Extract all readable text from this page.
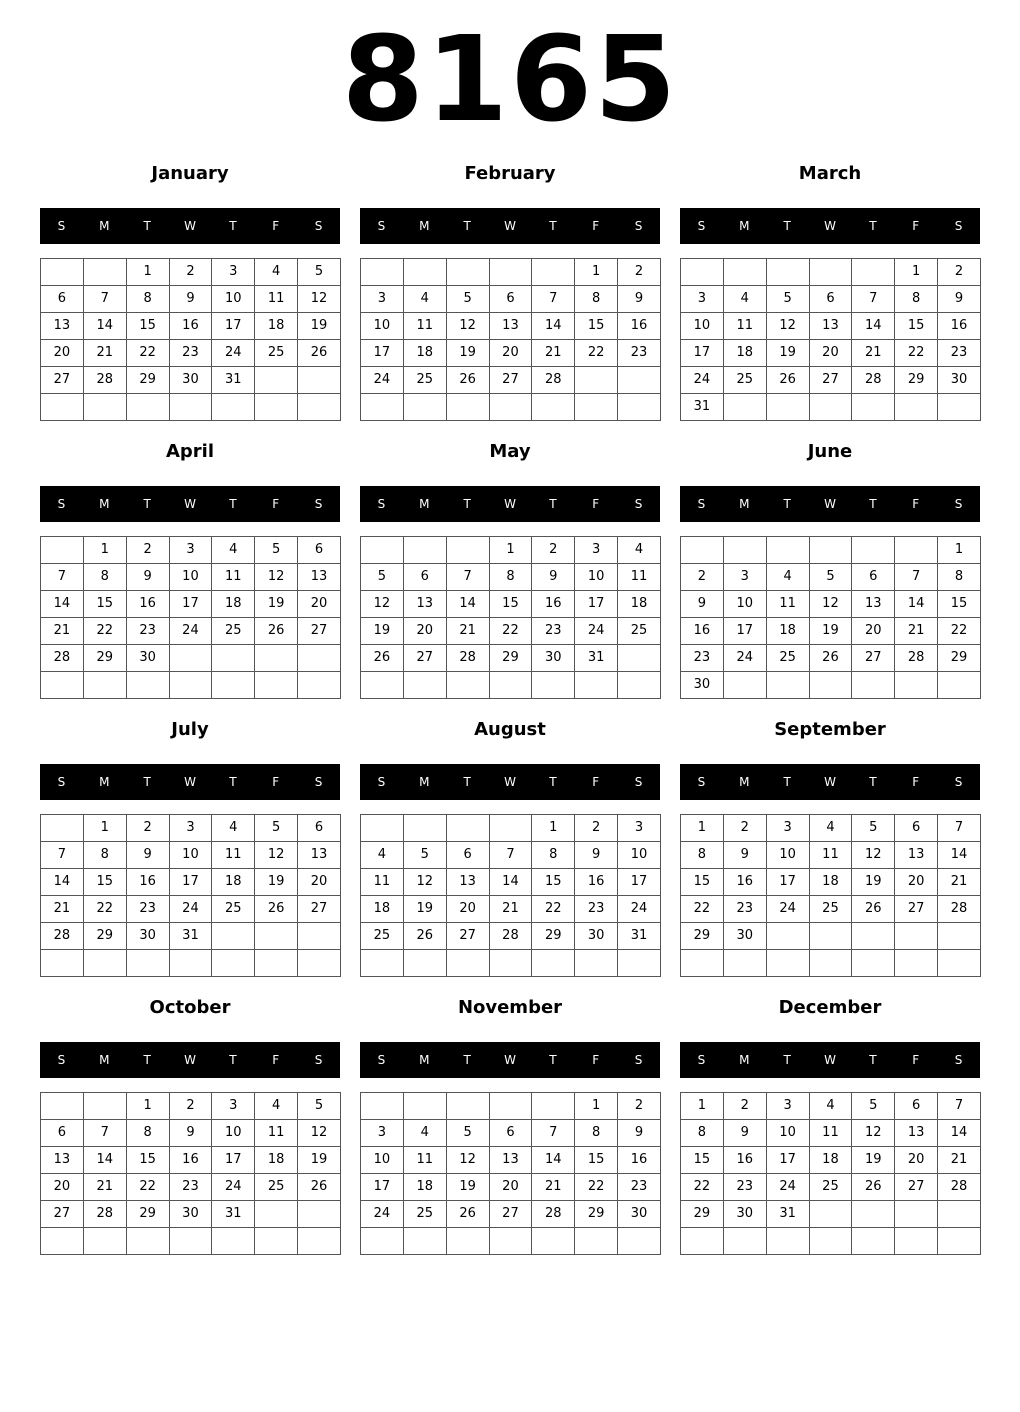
8165
January
S	M	T	W	T	F	S
		1	2	3	4	5
6	7	8	9	10	11	12
13	14	15	16	17	18	19
20	21	22	23	24	25	26
27	28	29	30	31		

February
S	M	T	W	T	F	S
					1	2
3	4	5	6	7	8	9
10	11	12	13	14	15	16
17	18	19	20	21	22	23
24	25	26	27	28		

March
S	M	T	W	T	F	S
					1	2
3	4	5	6	7	8	9
10	11	12	13	14	15	16
17	18	19	20	21	22	23
24	25	26	27	28	29	30
31						
April
S	M	T	W	T	F	S
	1	2	3	4	5	6
7	8	9	10	11	12	13
14	15	16	17	18	19	20
21	22	23	24	25	26	27
28	29	30				

May
S	M	T	W	T	F	S
			1	2	3	4
5	6	7	8	9	10	11
12	13	14	15	16	17	18
19	20	21	22	23	24	25
26	27	28	29	30	31	

June
S	M	T	W	T	F	S
						1
2	3	4	5	6	7	8
9	10	11	12	13	14	15
16	17	18	19	20	21	22
23	24	25	26	27	28	29
30						
July
S	M	T	W	T	F	S
	1	2	3	4	5	6
7	8	9	10	11	12	13
14	15	16	17	18	19	20
21	22	23	24	25	26	27
28	29	30	31			

August
S	M	T	W	T	F	S
				1	2	3
4	5	6	7	8	9	10
11	12	13	14	15	16	17
18	19	20	21	22	23	24
25	26	27	28	29	30	31

September
S	M	T	W	T	F	S
1	2	3	4	5	6	7
8	9	10	11	12	13	14
15	16	17	18	19	20	21
22	23	24	25	26	27	28
29	30					

October
S	M	T	W	T	F	S
		1	2	3	4	5
6	7	8	9	10	11	12
13	14	15	16	17	18	19
20	21	22	23	24	25	26
27	28	29	30	31		

November
S	M	T	W	T	F	S
					1	2
3	4	5	6	7	8	9
10	11	12	13	14	15	16
17	18	19	20	21	22	23
24	25	26	27	28	29	30

December
S	M	T	W	T	F	S
1	2	3	4	5	6	7
8	9	10	11	12	13	14
15	16	17	18	19	20	21
22	23	24	25	26	27	28
29	30	31				
